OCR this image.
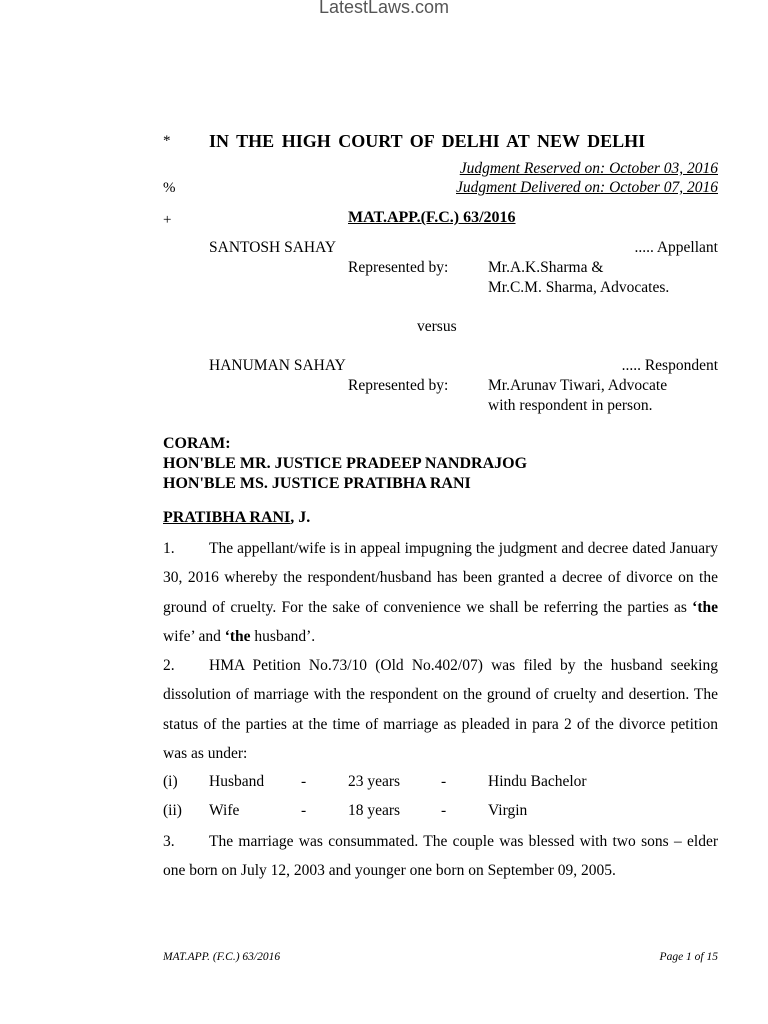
LatestLaws.com
* IN THE HIGH COURT OF DELHI AT NEW DELHI
Judgment Reserved on: October 03, 2016
%	Judgment Delivered on: October 07, 2016
+	MAT.APP.(F.C.) 63/2016
SANTOSH SAHAY	..... Appellant
Represented by:	Mr.A.K.Sharma &
Mr.C.M. Sharma, Advocates.
versus
HANUMAN SAHAY	..... Respondent
Represented by:	Mr.Arunav Tiwari, Advocate
with respondent in person.
CORAM:
HON'BLE MR. JUSTICE PRADEEP NANDRAJOG
HON'BLE MS. JUSTICE PRATIBHA RANI
PRATIBHA RANI, J.
1. The appellant/wife is in appeal impugning the judgment and decree dated January 30, 2016 whereby the respondent/husband has been granted a decree of divorce on the ground of cruelty. For the sake of convenience we shall be referring the parties as ‘the wife’ and ‘the husband’.
2. HMA Petition No.73/10 (Old No.402/07) was filed by the husband seeking dissolution of marriage with the respondent on the ground of cruelty and desertion. The status of the parties at the time of marriage as pleaded in para 2 of the divorce petition was as under:
(i) Husband -	23 years	-	Hindu Bachelor
(ii) Wife	-	18 years	-	Virgin
3. The marriage was consummated. The couple was blessed with two sons – elder one born on July 12, 2003 and younger one born on September 09, 2005.
MAT.APP. (F.C.) 63/2016	Page 1 of 15
